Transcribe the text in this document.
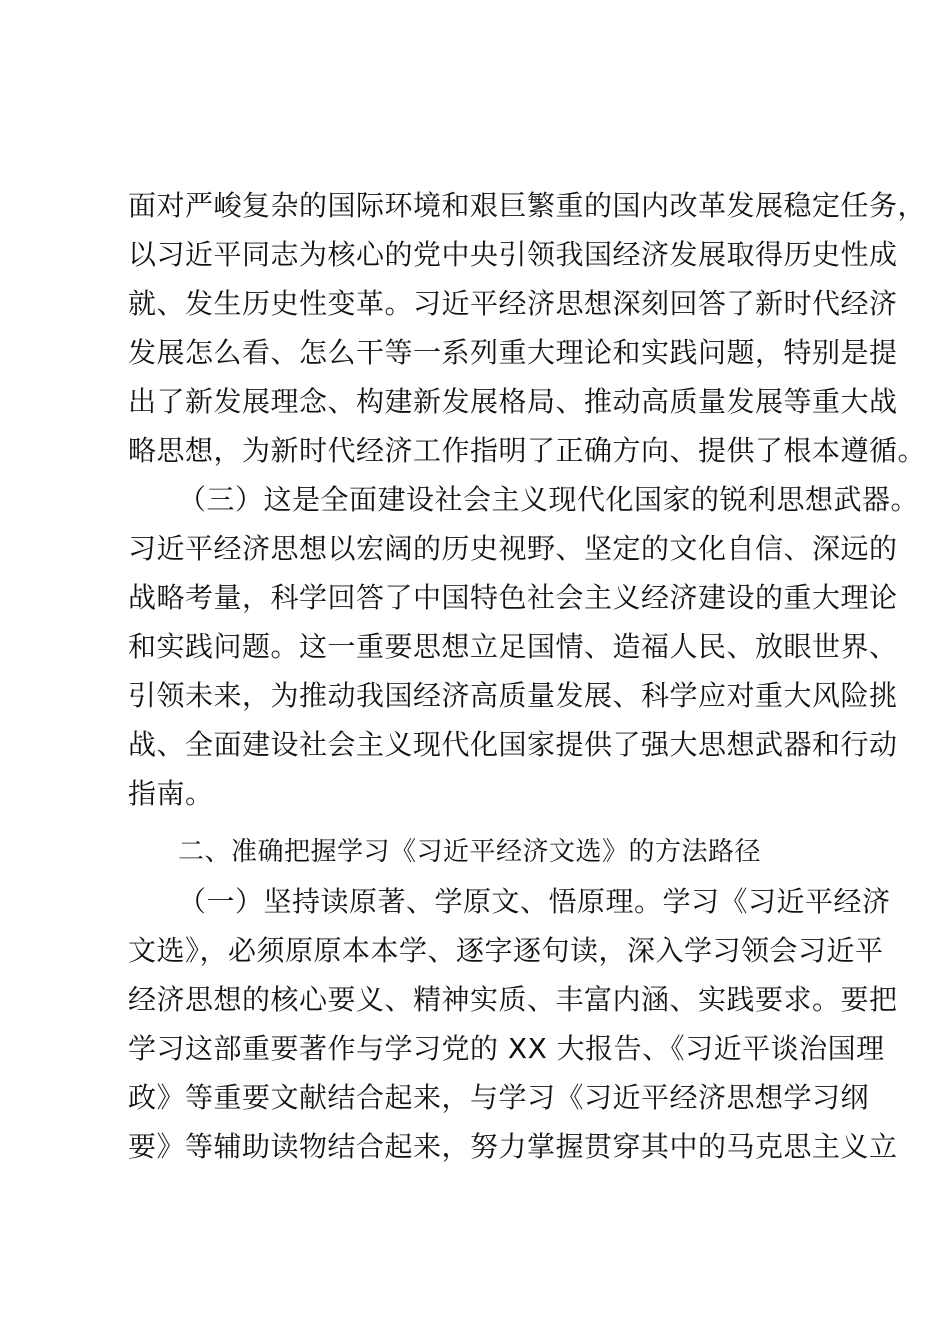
面对严峻复杂的国际环境和艰巨繁重的国内改革发展稳定任务，
以习近平同志为核心的党中央引领我国经济发展取得历史性成
就、发生历史性变革。习近平经济思想深刻回答了新时代经济
发展怎么看、怎么干等一系列重大理论和实践问题，特别是提
出了新发展理念、构建新发展格局、推动高质量发展等重大战
略思想，为新时代经济工作指明了正确方向、提供了根本遵循。
（三）这是全面建设社会主义现代化国家的锐利思想武器。
习近平经济思想以宏阔的历史视野、坚定的文化自信、深远的
战略考量，科学回答了中国特色社会主义经济建设的重大理论
和实践问题。这一重要思想立足国情、造福人民、放眼世界、
引领未来，为推动我国经济高质量发展、科学应对重大风险挑
战、全面建设社会主义现代化国家提供了强大思想武器和行动
指南。
二、准确把握学习《习近平经济文选》的方法路径
（一）坚持读原著、学原文、悟原理。学习《习近平经济
文选》，必须原原本本学、逐字逐句读，深入学习领会习近平
经济思想的核心要义、精神实质、丰富内涵、实践要求。要把
学习这部重要著作与学习党的 XX 大报告、《习近平谈治国理
政》等重要文献结合起来，与学习《习近平经济思想学习纲
要》等辅助读物结合起来，努力掌握贯穿其中的马克思主义立
